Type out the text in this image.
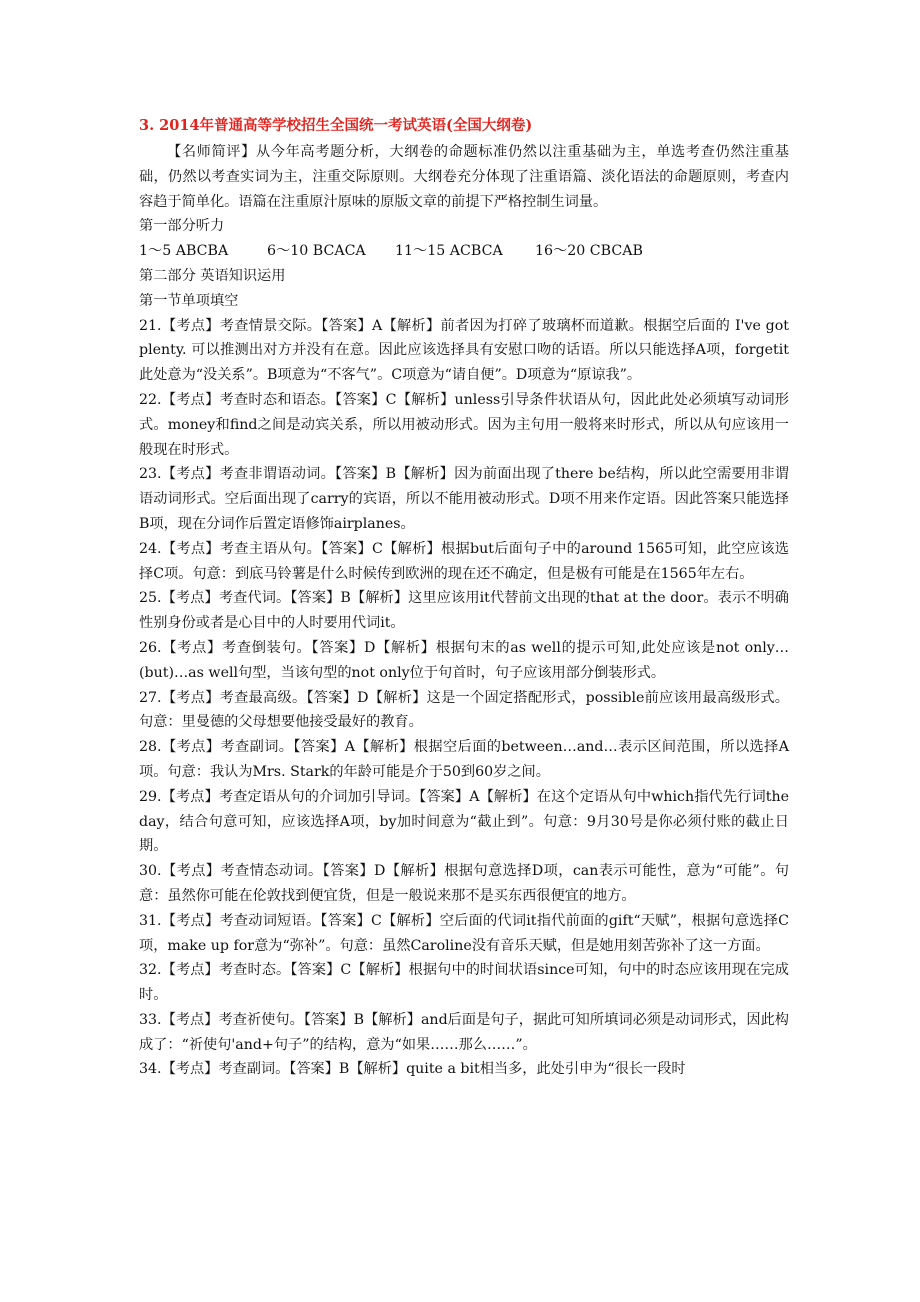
3. 2014年普通高等学校招生全国统一考试英语(全国大纲卷)

【名师简评】从今年高考题分析，大纲卷的命题标准仍然以注重基础为主，单选考查仍然注重基础，仍然以考查实词为主，注重交际原则。大纲卷充分体现了注重语篇、淡化语法的命题原则，考查内容趋于简单化。语篇在注重原汁原味的原版文章的前提下严格控制生词量。

第一部分听力

1～5 ABCBA	6～10 BCACA 11～15 ACBCA 16～20 CBCAB

第二部分 英语知识运用

第一节单项填空

21.【考点】考查情景交际。【答案】A【解析】前者因为打碎了玻璃杯而道歉。根据空后面的 I've got plenty. 可以推测出对方并没有在意。因此应该选择具有安慰口吻的话语。所以只能选择A项，forgetit此处意为“没关系”。B项意为“不客气”。C项意为“请自便”。D项意为“原谅我”。

22.【考点】考查时态和语态。【答案】C【解析】unless引导条件状语从句，因此此处必须填写动词形式。money和find之间是动宾关系，所以用被动形式。因为主句用一般将来时形式，所以从句应该用一般现在时形式。

23.【考点】考查非谓语动词。【答案】B【解析】因为前面出现了there be结构，所以此空需要用非谓语动词形式。空后面出现了carry的宾语，所以不能用被动形式。D项不用来作定语。因此答案只能选择B项，现在分词作后置定语修饰airplanes。

24.【考点】考查主语从句。【答案】C【解析】根据but后面句子中的around 1565可知，此空应该选择C项。句意：到底马铃薯是什么时候传到欧洲的现在还不确定，但是极有可能是在1565年左右。

25.【考点】考查代词。【答案】B【解析】这里应该用it代替前文出现的that at the door。表示不明确性别身份或者是心目中的人时要用代词it。

26.【考点】考查倒装句。【答案】D【解析】根据句末的as well的提示可知,此处应该是not only…(but)…as well句型，当该句型的not only位于句首时，句子应该用部分倒装形式。

27.【考点】考查最高级。【答案】D【解析】这是一个固定搭配形式，possible前应该用最高级形式。句意：里曼德的父母想要他接受最好的教育。

28.【考点】考查副词。【答案】A【解析】根据空后面的between…and…表示区间范围，所以选择A项。句意：我认为Mrs. Stark的年龄可能是介于50到60岁之间。

29.【考点】考查定语从句的介词加引导词。【答案】A【解析】在这个定语从句中which指代先行词the day，结合句意可知，应该选择A项，by加时间意为“截止到”。句意：9月30号是你必须付账的截止日期。

30.【考点】考查情态动词。【答案】D【解析】根据句意选择D项，can表示可能性，意为“可能”。句意：虽然你可能在伦敦找到便宜货，但是一般说来那不是买东西很便宜的地方。

31.【考点】考查动词短语。【答案】C【解析】空后面的代词it指代前面的gift“天赋”，根据句意选择C项，make up for意为“弥补”。句意：虽然Caroline没有音乐天赋，但是她用刻苦弥补了这一方面。

32.【考点】考查时态。【答案】C【解析】根据句中的时间状语since可知，句中的时态应该用现在完成时。

33.【考点】考查祈使句。【答案】B【解析】and后面是句子，据此可知所填词必须是动词形式，因此构成了：“祈使句'and+句子”的结构，意为“如果……那么……”。

34.【考点】考查副词。【答案】B【解析】quite a bit相当多，此处引申为“很长一段时
